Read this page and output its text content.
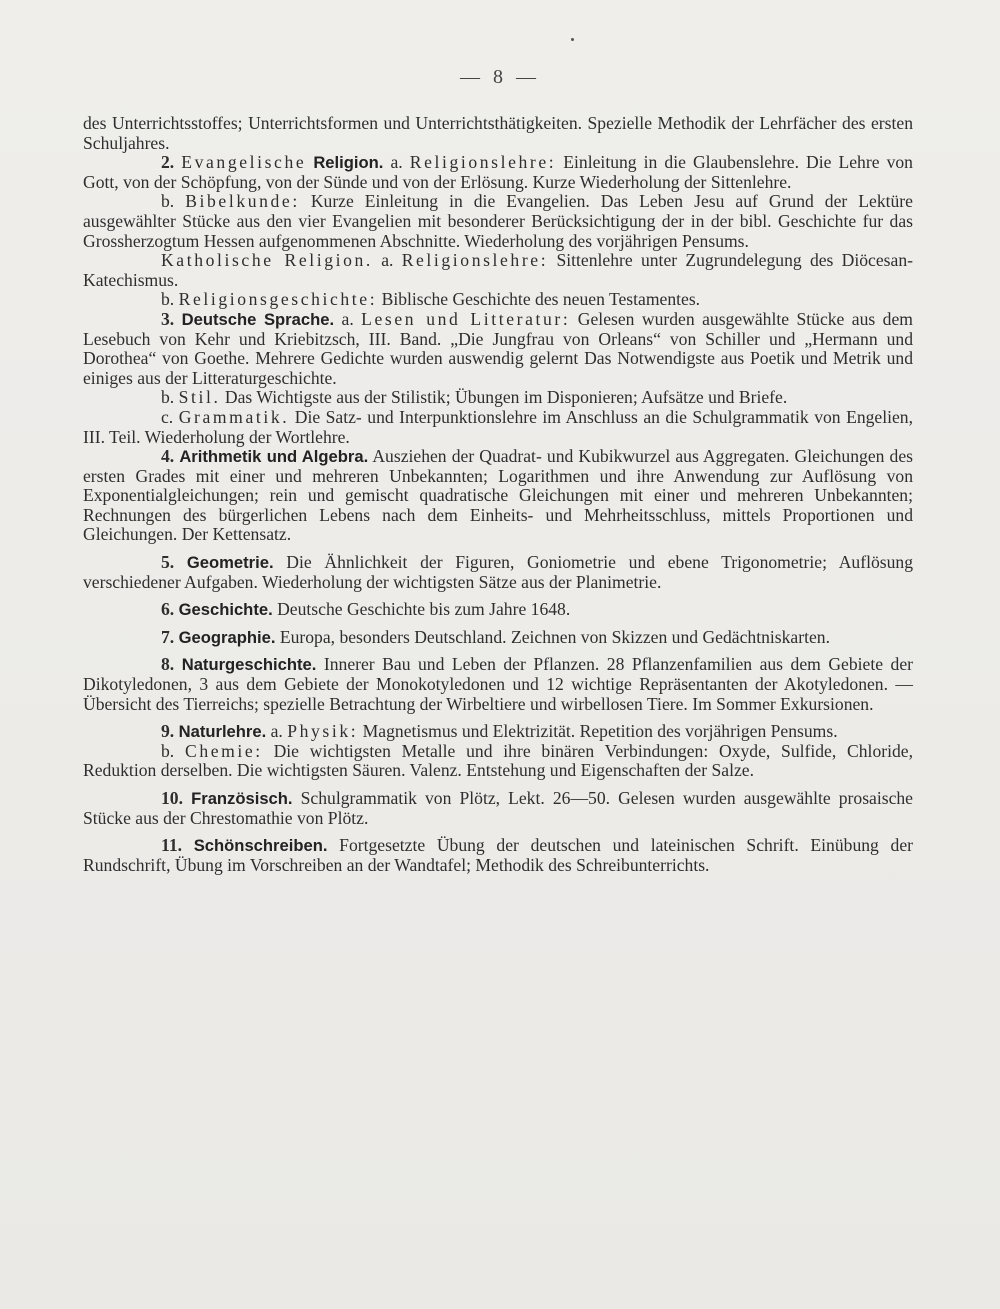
— 8 —

des Unterrichtsstoffes; Unterrichtsformen und Unterrichtsthätigkeiten. Spezielle Methodik der Lehrfächer des ersten Schuljahres.

2. Evangelische Religion. a. Religionslehre: Einleitung in die Glaubenslehre. Die Lehre von Gott, von der Schöpfung, von der Sünde und von der Erlösung. Kurze Wiederholung der Sittenlehre.

b. Bibelkunde: Kurze Einleitung in die Evangelien. Das Leben Jesu auf Grund der Lektüre ausgewählter Stücke aus den vier Evangelien mit besonderer Berücksichtigung der in der bibl. Geschichte fur das Grossherzogtum Hessen aufgenommenen Abschnitte. Wiederholung des vorjährigen Pensums.

Katholische Religion. a. Religionslehre: Sittenlehre unter Zugrundelegung des Diöcesan-Katechismus.

b. Religionsgeschichte: Biblische Geschichte des neuen Testamentes.

3. Deutsche Sprache. a. Lesen und Litteratur: Gelesen wurden ausgewählte Stücke aus dem Lesebuch von Kehr und Kriebitzsch, III. Band. „Die Jungfrau von Orleans“ von Schiller und „Hermann und Dorothea“ von Goethe. Mehrere Gedichte wurden auswendig gelernt Das Notwendigste aus Poetik und Metrik und einiges aus der Litteraturgeschichte.

b. Stil. Das Wichtigste aus der Stilistik; Übungen im Disponieren; Aufsätze und Briefe.

c. Grammatik. Die Satz- und Interpunktionslehre im Anschluss an die Schulgrammatik von Engelien, III. Teil. Wiederholung der Wortlehre.

4. Arithmetik und Algebra. Ausziehen der Quadrat- und Kubikwurzel aus Aggregaten. Gleichungen des ersten Grades mit einer und mehreren Unbekannten; Logarithmen und ihre Anwendung zur Auflösung von Exponentialgleichungen; rein und gemischt quadratische Gleichungen mit einer und mehreren Unbekannten; Rechnungen des bürgerlichen Lebens nach dem Einheits- und Mehrheitsschluss, mittels Proportionen und Gleichungen. Der Kettensatz.

5. Geometrie. Die Ähnlichkeit der Figuren, Goniometrie und ebene Trigonometrie; Auflösung verschiedener Aufgaben. Wiederholung der wichtigsten Sätze aus der Planimetrie.

6. Geschichte. Deutsche Geschichte bis zum Jahre 1648.

7. Geographie. Europa, besonders Deutschland. Zeichnen von Skizzen und Gedächtniskarten.

8. Naturgeschichte. Innerer Bau und Leben der Pflanzen. 28 Pflanzenfamilien aus dem Gebiete der Dikotyledonen, 3 aus dem Gebiete der Monokotyledonen und 12 wichtige Repräsentanten der Akotyledonen. — Übersicht des Tierreichs; spezielle Betrachtung der Wirbeltiere und wirbellosen Tiere. Im Sommer Exkursionen.

9. Naturlehre. a. Physik: Magnetismus und Elektrizität. Repetition des vorjährigen Pensums.

b. Chemie: Die wichtigsten Metalle und ihre binären Verbindungen: Oxyde, Sulfide, Chloride, Reduktion derselben. Die wichtigsten Säuren. Valenz. Entstehung und Eigenschaften der Salze.

10. Französisch. Schulgrammatik von Plötz, Lekt. 26—50. Gelesen wurden ausgewählte prosaische Stücke aus der Chrestomathie von Plötz.

11. Schönschreiben. Fortgesetzte Übung der deutschen und lateinischen Schrift. Einübung der Rundschrift, Übung im Vorschreiben an der Wandtafel; Methodik des Schreibunterrichts.
